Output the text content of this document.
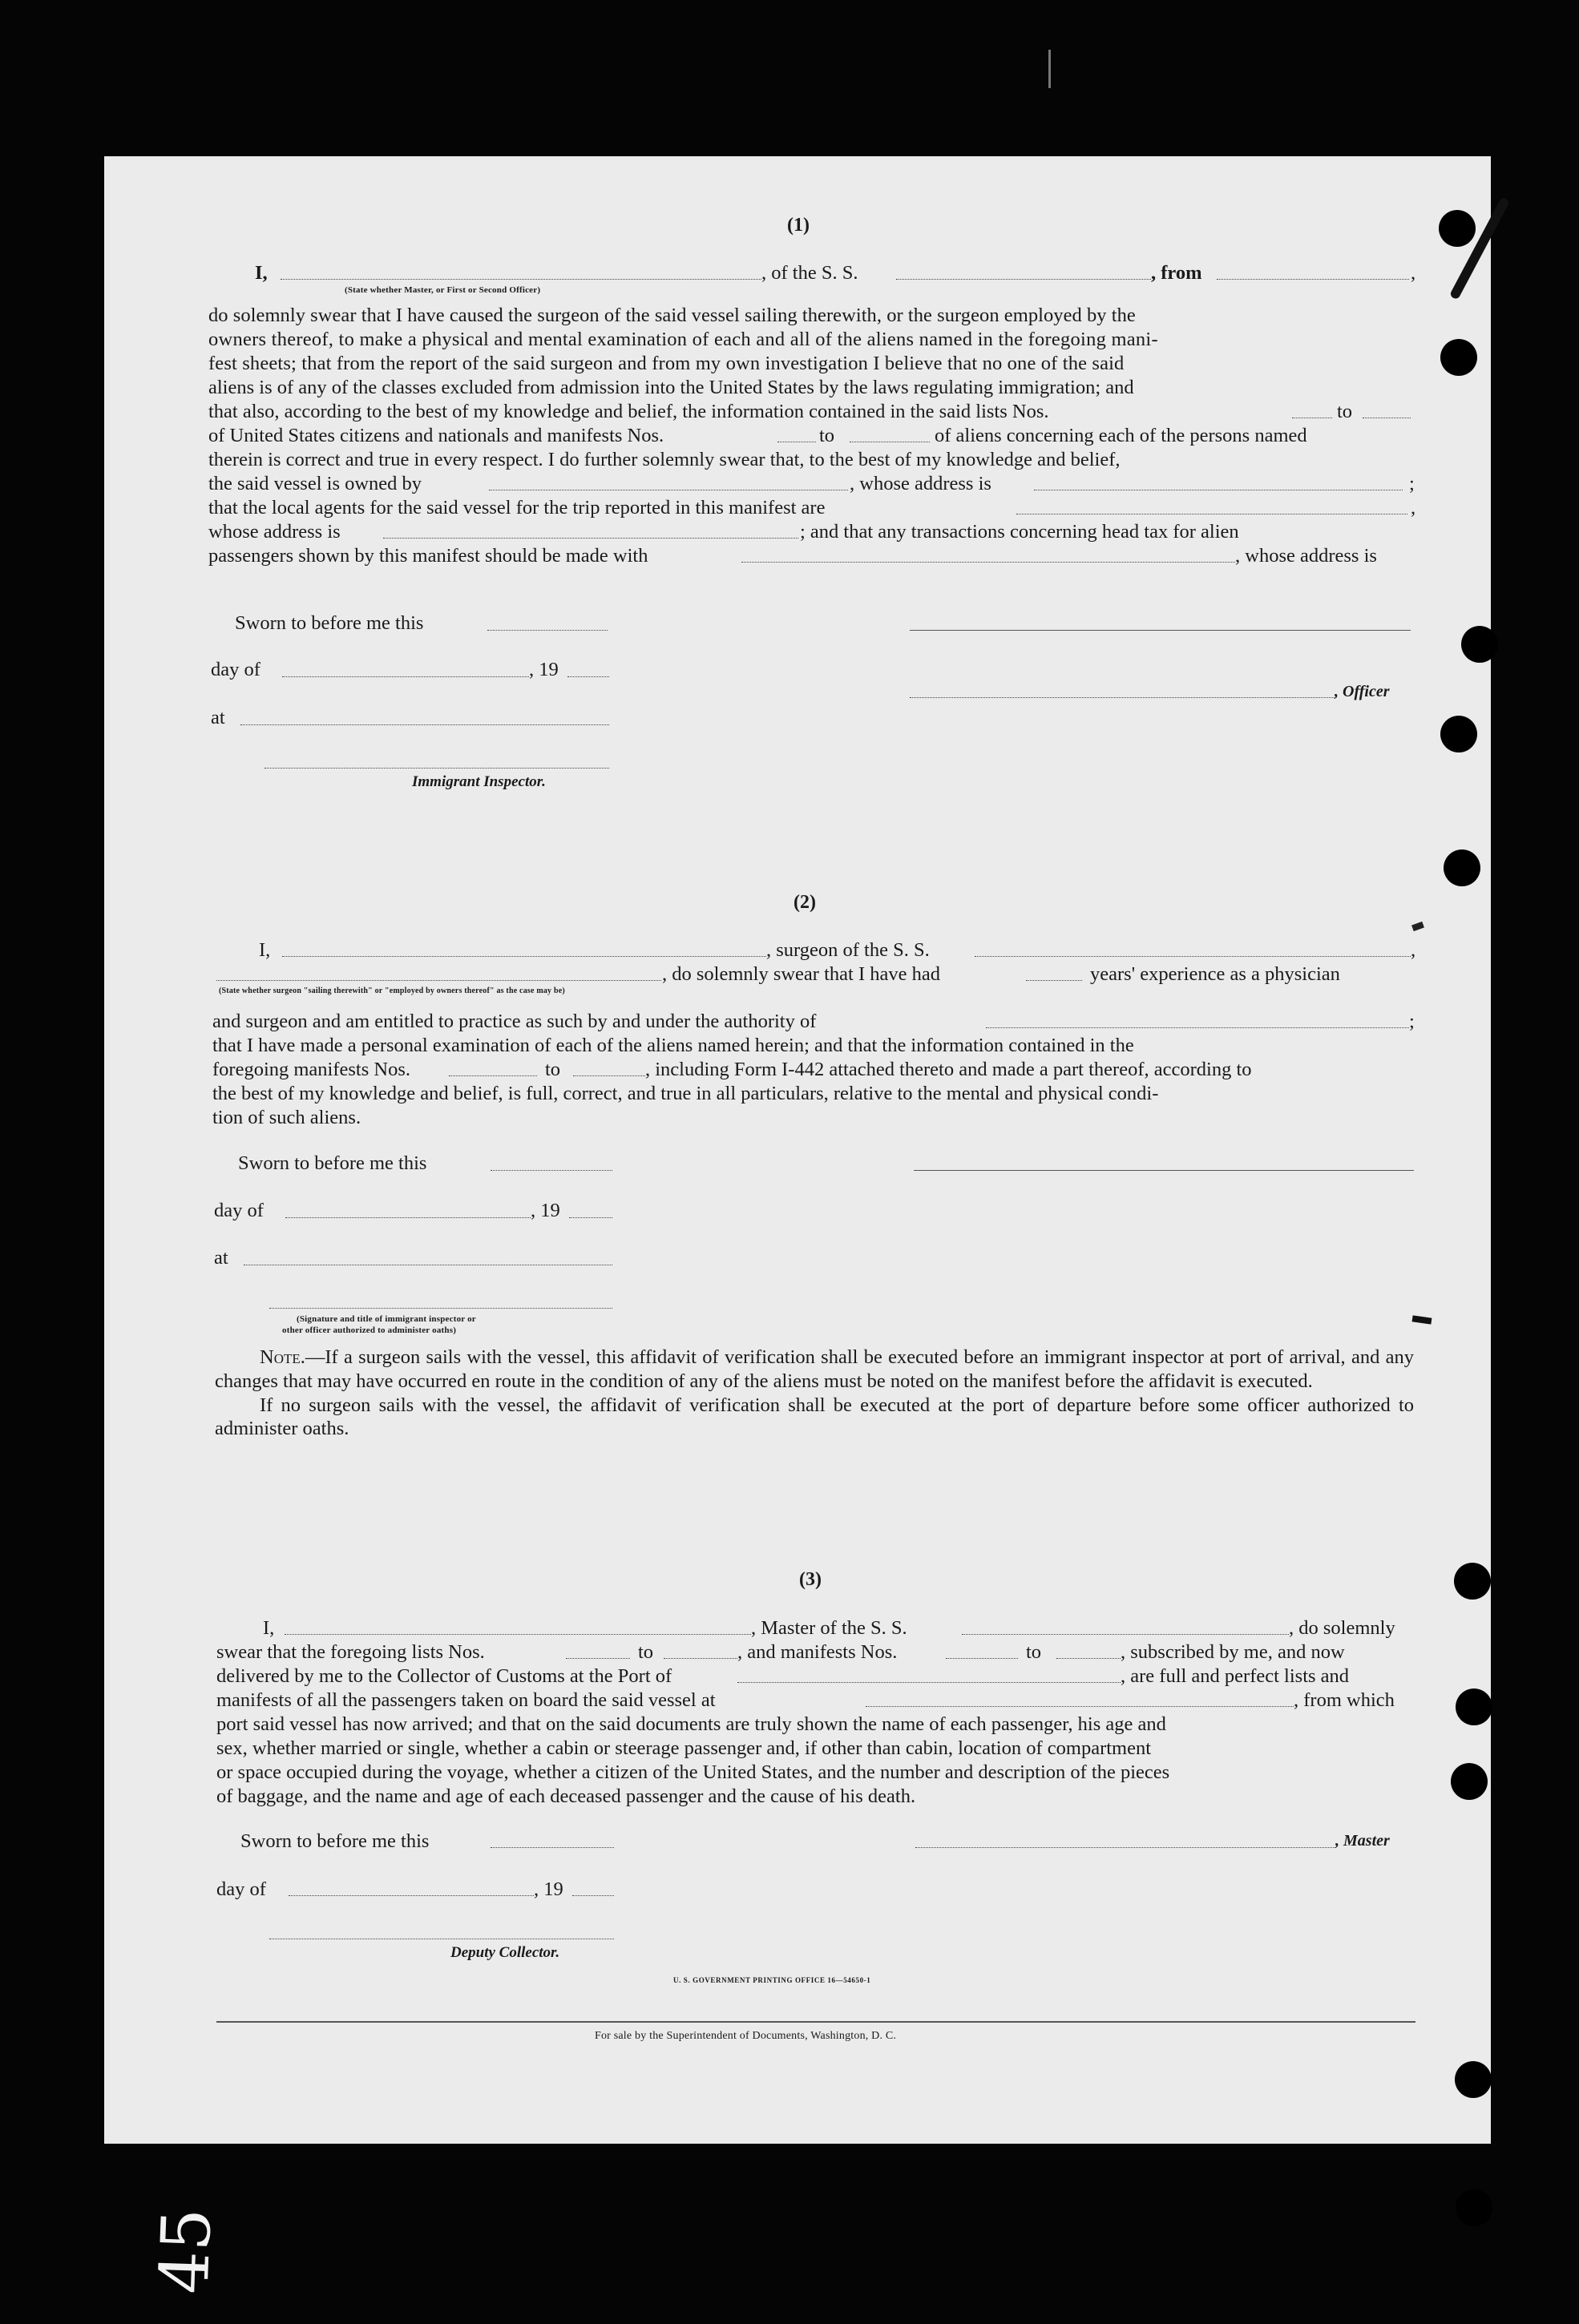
(1)
I,	, of the S. S.	, from	,
(State whether Master, or First or Second Officer)
do solemnly swear that I have caused the surgeon of the said vessel sailing therewith, or the surgeon employed by the
owners thereof, to make a physical and mental examination of each and all of the aliens named in the foregoing mani-
fest sheets; that from the report of the said surgeon and from my own investigation I believe that no one of the said
aliens is of any of the classes excluded from admission into the United States by the laws regulating immigration; and
that also, according to the best of my knowledge and belief, the information contained in the said lists Nos.	to
of United States citizens and nationals and manifests Nos.	to	of aliens concerning each of the persons named
therein is correct and true in every respect. I do further solemnly swear that, to the best of my knowledge and belief,
the said vessel is owned by	, whose address is	;
that the local agents for the said vessel for the trip reported in this manifest are	,
whose address is	; and that any transactions concerning head tax for alien
passengers shown by this manifest should be made with	, whose address is
Sworn to before me this
day of	, 19
, Officer
at
Immigrant Inspector.
(2)
I,	, surgeon of the S. S.	,
, do solemnly swear that I have had	years' experience as a physician
(State whether surgeon "sailing therewith" or "employed by owners thereof" as the case may be)
and surgeon and am entitled to practice as such by and under the authority of	;
that I have made a personal examination of each of the aliens named herein; and that the information contained in the
foregoing manifests Nos.	to	, including Form I-442 attached thereto and made a part thereof, according to
the best of my knowledge and belief, is full, correct, and true in all particulars, relative to the mental and physical condi-
tion of such aliens.
Sworn to before me this
day of	, 19
at
(Signature and title of immigrant inspector or
other officer authorized to administer oaths)

Note.—If a surgeon sails with the vessel, this affidavit of verification shall be executed before an immigrant inspector at port of arrival, and any changes that may have occurred en route in the condition of any of the aliens must be noted on the manifest before the affidavit is executed.

If no surgeon sails with the vessel, the affidavit of verification shall be executed at the port of departure before some officer authorized to administer oaths.

(3)
I,	, Master of the S. S.	, do solemnly
swear that the foregoing lists Nos.	to	, and manifests Nos.	to	, subscribed by me, and now
delivered by me to the Collector of Customs at the Port of	, are full and perfect lists and
manifests of all the passengers taken on board the said vessel at	, from which
port said vessel has now arrived; and that on the said documents are truly shown the name of each passenger, his age and
sex, whether married or single, whether a cabin or steerage passenger and, if other than cabin, location of compartment
or space occupied during the voyage, whether a citizen of the United States, and the number and description of the pieces
of baggage, and the name and age of each deceased passenger and the cause of his death.
Sworn to before me this	, Master
day of	, 19
Deputy Collector.
U. S. GOVERNMENT PRINTING OFFICE 16—54650-1
For sale by the Superintendent of Documents, Washington, D. C.
45
